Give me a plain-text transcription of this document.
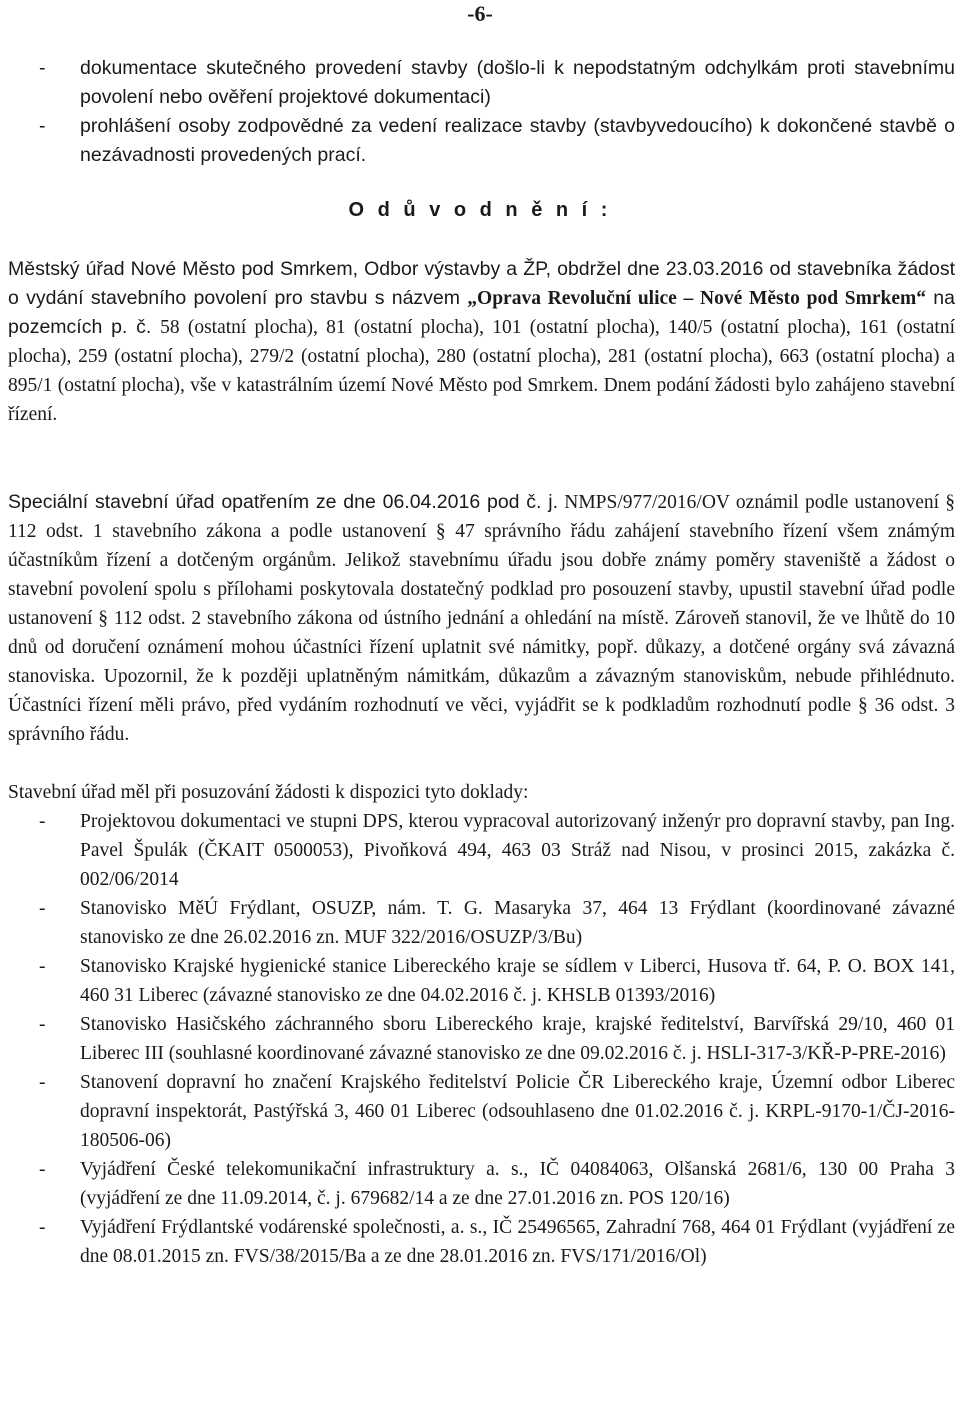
-6-
-	dokumentace skutečného provedení stavby (došlo-li k nepodstatným odchylkám proti stavebnímu povolení nebo ověření projektové dokumentaci)
-	prohlášení osoby zodpovědné za vedení realizace stavby (stavbyvedoucího) k dokončené stavbě o nezávadnosti provedených prací.
O d ů v o d n ě n í :
Městský úřad Nové Město pod Smrkem, Odbor výstavby a ŽP, obdržel dne 23.03.2016 od stavebníka žádost o vydání stavebního povolení pro stavbu s názvem „Oprava Revoluční ulice – Nové Město pod Smrkem“ na pozemcích p. č. 58 (ostatní plocha), 81 (ostatní plocha), 101 (ostatní plocha), 140/5 (ostatní plocha), 161 (ostatní plocha), 259 (ostatní plocha), 279/2 (ostatní plocha), 280 (ostatní plocha), 281 (ostatní plocha), 663 (ostatní plocha) a 895/1 (ostatní plocha), vše v katastrálním území Nové Město pod Smrkem. Dnem podání žádosti bylo zahájeno stavební řízení.
Speciální stavební úřad opatřením ze dne 06.04.2016 pod č. j. NMPS/977/2016/OV oznámil podle ustanovení § 112 odst. 1 stavebního zákona a podle ustanovení § 47 správního řádu zahájení stavebního řízení všem známým účastníkům řízení a dotčeným orgánům. Jelikož stavebnímu úřadu jsou dobře známy poměry staveniště a žádost o stavební povolení spolu s přílohami poskytovala dostatečný podklad pro posouzení stavby, upustil stavební úřad podle ustanovení § 112 odst. 2 stavebního zákona od ústního jednání a ohledání na místě. Zároveň stanovil, že ve lhůtě do 10 dnů od doručení oznámení mohou účastníci řízení uplatnit své námitky, popř. důkazy, a dotčené orgány svá závazná stanoviska. Upozornil, že k později uplatněným námitkám, důkazům a závazným stanoviskům, nebude přihlédnuto. Účastníci řízení měli právo, před vydáním rozhodnutí ve věci, vyjádřit se k podkladům rozhodnutí podle § 36 odst. 3 správního řádu.
Stavební úřad měl při posuzování žádosti k dispozici tyto doklady:
-	Projektovou dokumentaci ve stupni DPS, kterou vypracoval autorizovaný inženýr pro dopravní stavby, pan Ing. Pavel Špulák (ČKAIT 0500053), Pivoňková 494, 463 03 Stráž nad Nisou, v prosinci 2015, zakázka č. 002/06/2014
-	Stanovisko MěÚ Frýdlant, OSUZP, nám. T. G. Masaryka 37, 464 13 Frýdlant (koordinované závazné stanovisko ze dne 26.02.2016 zn. MUF 322/2016/OSUZP/3/Bu)
-	Stanovisko Krajské hygienické stanice Libereckého kraje se sídlem v Liberci, Husova tř. 64, P. O. BOX 141, 460 31 Liberec (závazné stanovisko ze dne 04.02.2016 č. j. KHSLB 01393/2016)
-	Stanovisko Hasičského záchranného sboru Libereckého kraje, krajské ředitelství, Barvířská 29/10, 460 01 Liberec III (souhlasné koordinované závazné stanovisko ze dne 09.02.2016 č. j. HSLI-317-3/KŘ-P-PRE-2016)
-	Stanovení dopravní ho značení Krajského ředitelství Policie ČR Libereckého kraje, Územní odbor Liberec dopravní inspektorát, Pastýřská 3, 460 01 Liberec (odsouhlaseno dne 01.02.2016 č. j. KRPL-9170-1/ČJ-2016-180506-06)
-	Vyjádření České telekomunikační infrastruktury a. s., IČ 04084063, Olšanská 2681/6, 130 00 Praha 3 (vyjádření ze dne 11.09.2014, č. j. 679682/14 a ze dne 27.01.2016 zn. POS 120/16)
-	Vyjádření Frýdlantské vodárenské společnosti, a. s., IČ 25496565, Zahradní 768, 464 01 Frýdlant (vyjádření ze dne 08.01.2015 zn. FVS/38/2015/Ba a ze dne 28.01.2016 zn. FVS/171/2016/Ol)
